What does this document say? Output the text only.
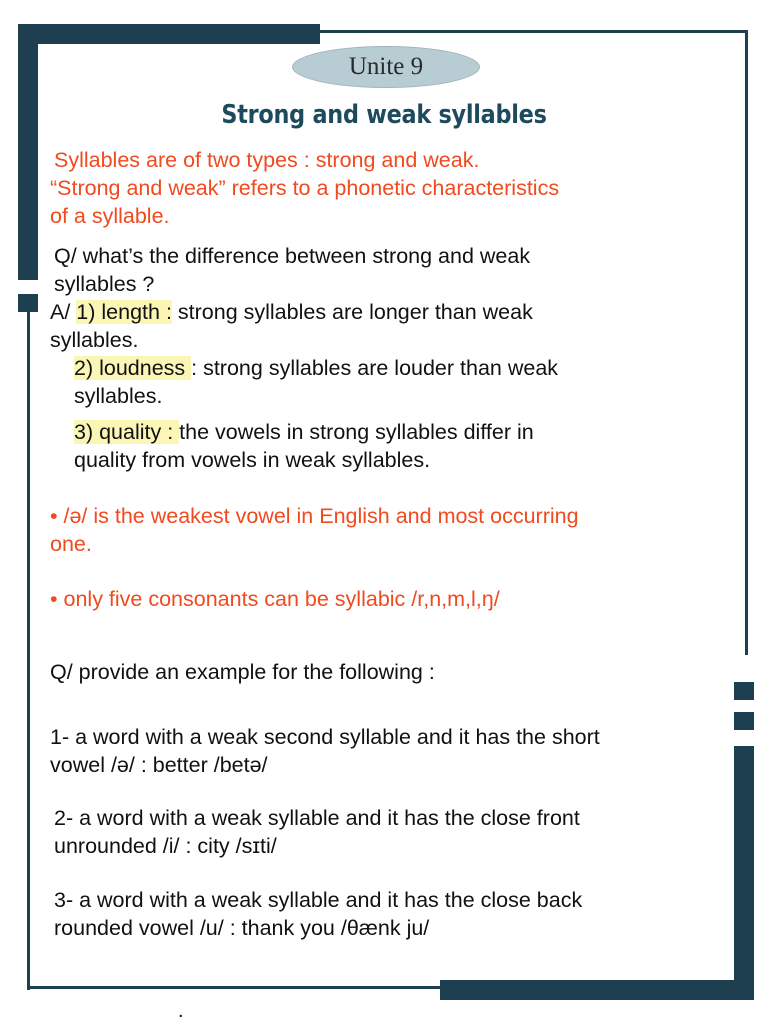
Unite 9
Strong and weak syllables
Syllables are of two types : strong and weak.
“Strong and weak” refers to a phonetic characteristics
of a syllable.
Q/ what’s the difference between strong and weak
syllables ?
A/ 1) length : strong syllables are longer than weak
syllables.
2) loudness : strong syllables are louder than weak
syllables.
3) quality : the vowels in strong syllables differ in
quality from vowels in weak syllables.
• /ə/ is the weakest vowel in English and most occurring
one.
• only five consonants can be syllabic /r,n,m,l,ŋ/
Q/ provide an example for the following :
1- a word with a weak second syllable and it has the short
vowel /ə/ : better /betə/
2- a word with a weak syllable and it has the close front
unrounded /i/ : city /sɪti/
3- a word with a weak syllable and it has the close back
rounded vowel /u/ : thank you /θænk ju/
.
